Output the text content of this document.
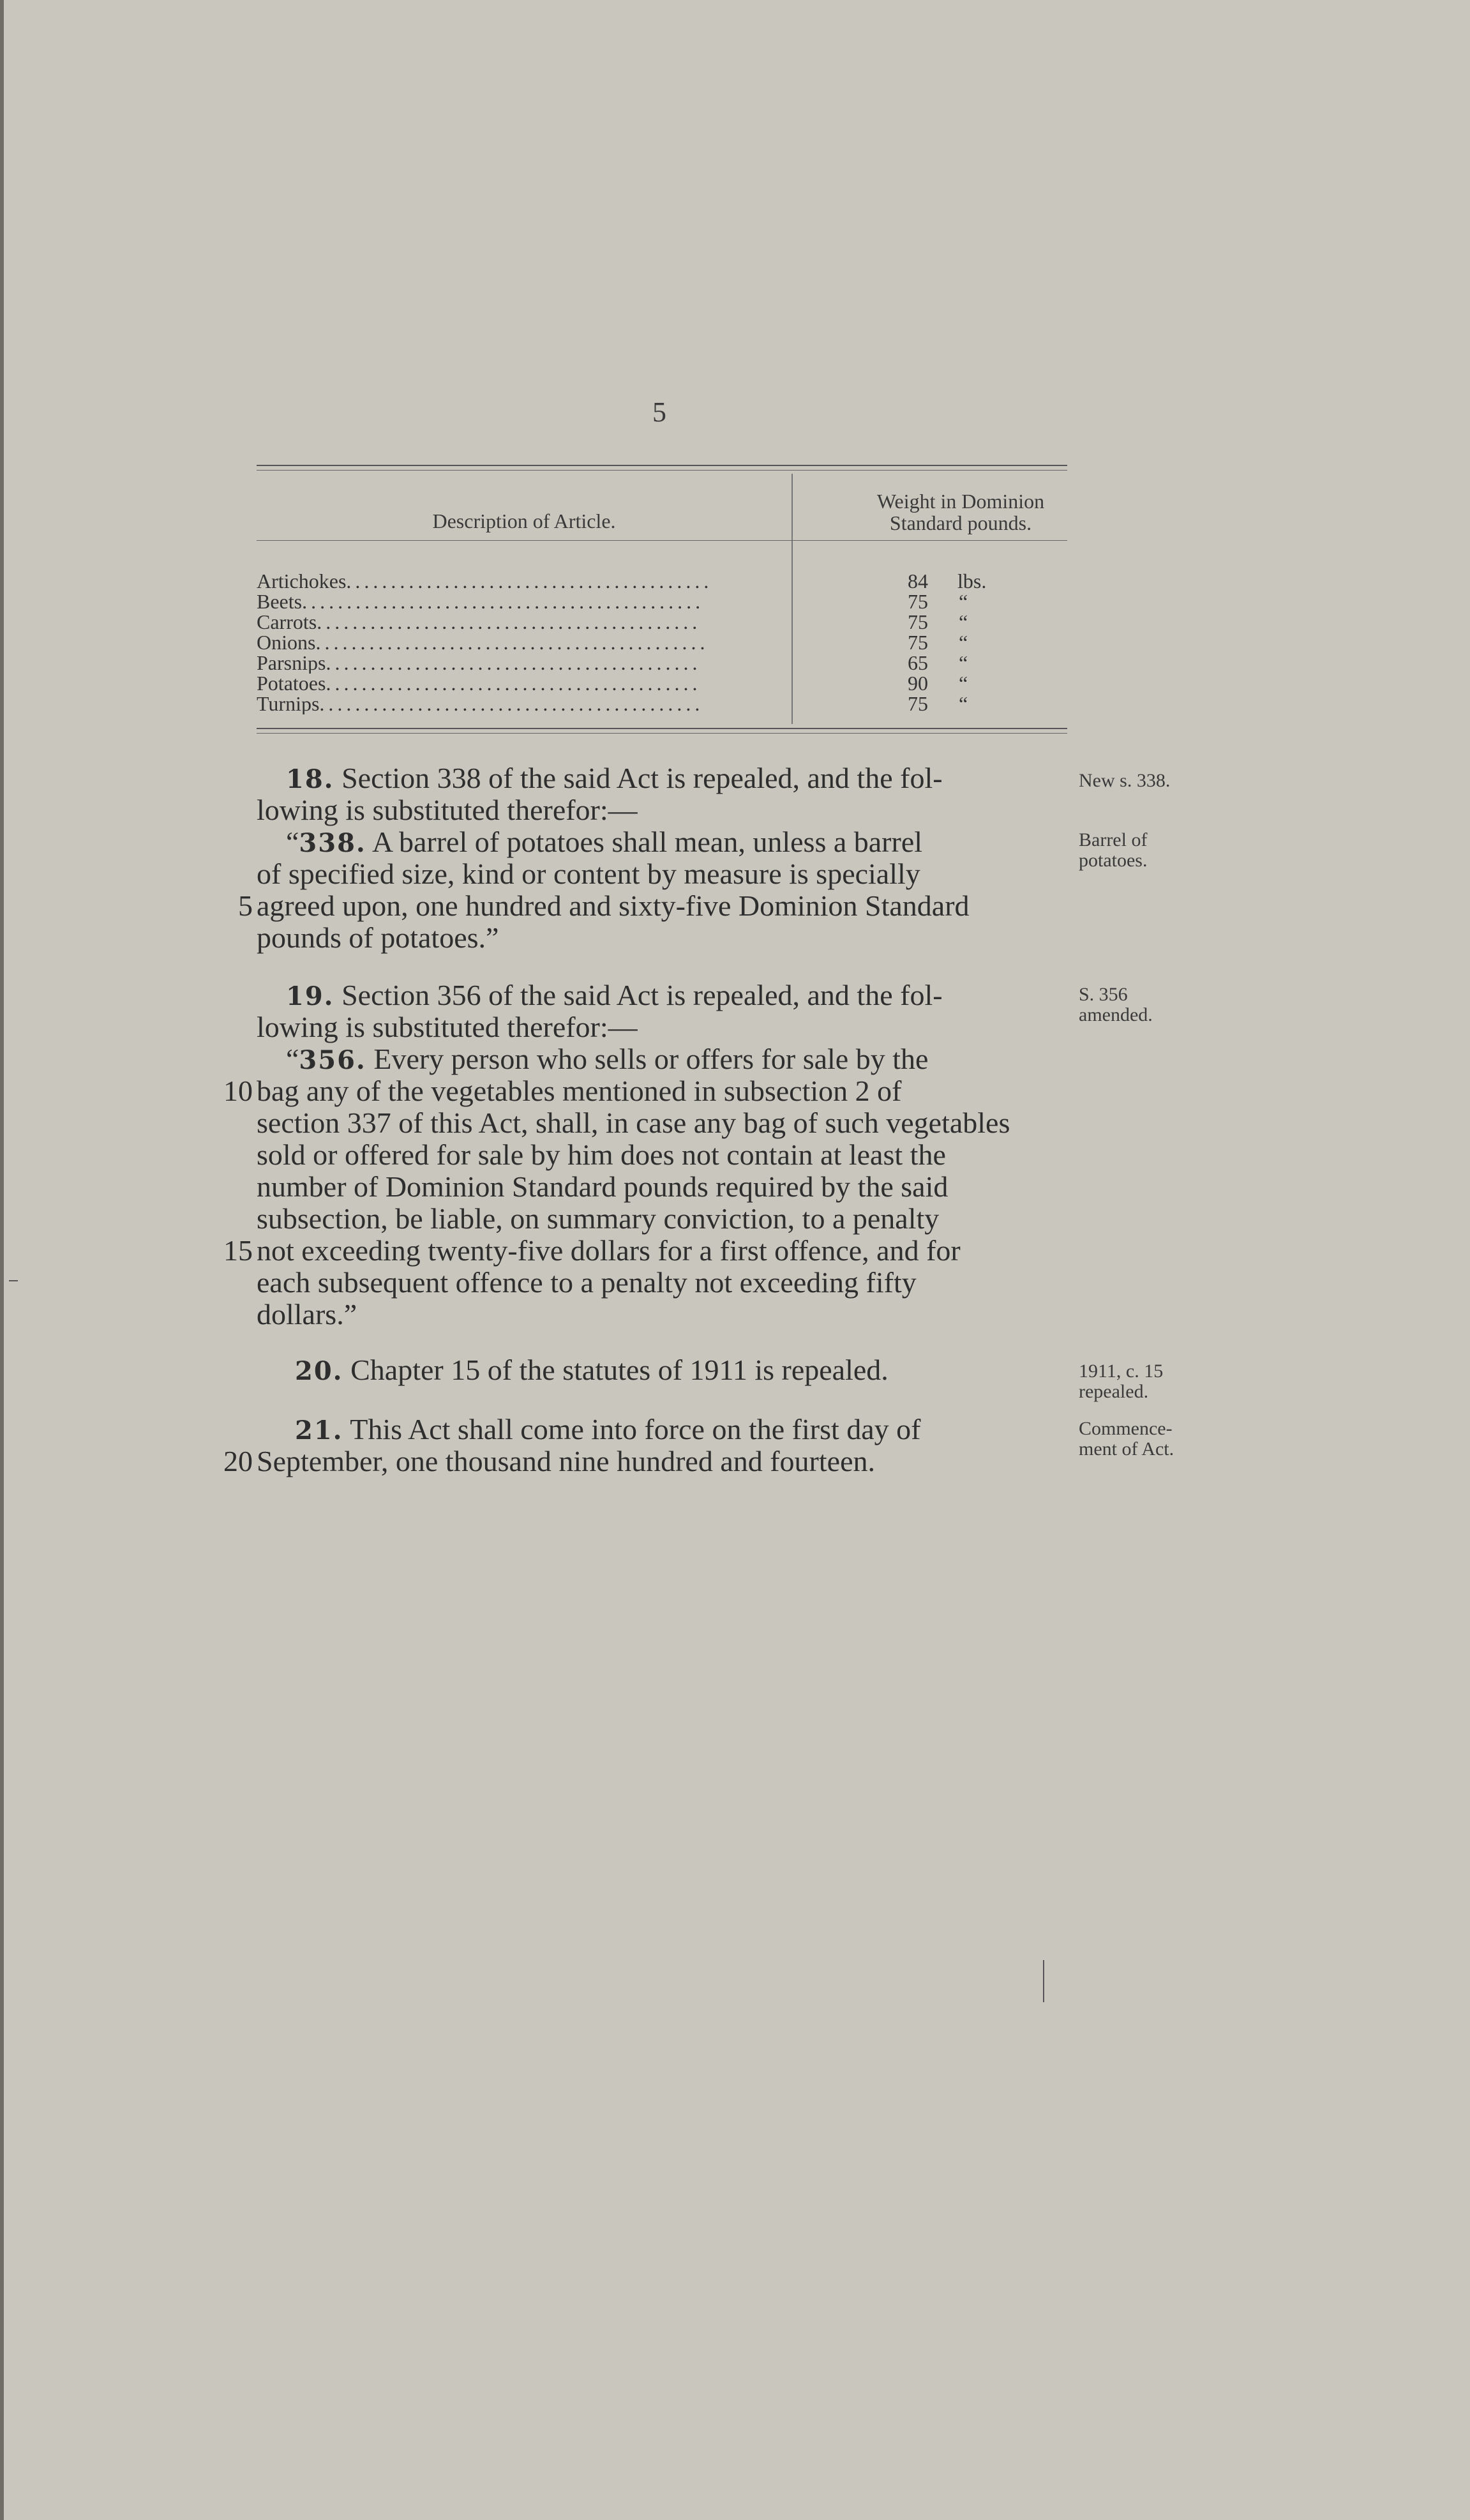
5
Description of Article.
Weight in Dominion
Standard pounds.
Artichokes.........................................	84	lbs.
Beets.............................................	75	“
Carrots...........................................	75	“
Onions............................................	75	“
Parsnips..........................................	65	“
Potatoes..........................................	90	“
Turnips...........................................	75	“
18. Section 338 of the said Act is repealed, and the fol-
lowing is substituted therefor:—
“338. A barrel of potatoes shall mean, unless a barrel
of specified size, kind or content by measure is specially
5 agreed upon, one hundred and sixty-five Dominion Standard
pounds of potatoes.”
New s. 338.
Barrel of
potatoes.
19. Section 356 of the said Act is repealed, and the fol-
lowing is substituted therefor:—
“356. Every person who sells or offers for sale by the
10 bag any of the vegetables mentioned in subsection 2 of
section 337 of this Act, shall, in case any bag of such vegetables
sold or offered for sale by him does not contain at least the
number of Dominion Standard pounds required by the said
subsection, be liable, on summary conviction, to a penalty
15 not exceeding twenty-five dollars for a first offence, and for
each subsequent offence to a penalty not exceeding fifty
dollars.”
S. 356
amended.
20. Chapter 15 of the statutes of 1911 is repealed.	1911, c. 15
repealed.
21. This Act shall come into force on the first day of
20 September, one thousand nine hundred and fourteen.
Commence-
ment of Act.
